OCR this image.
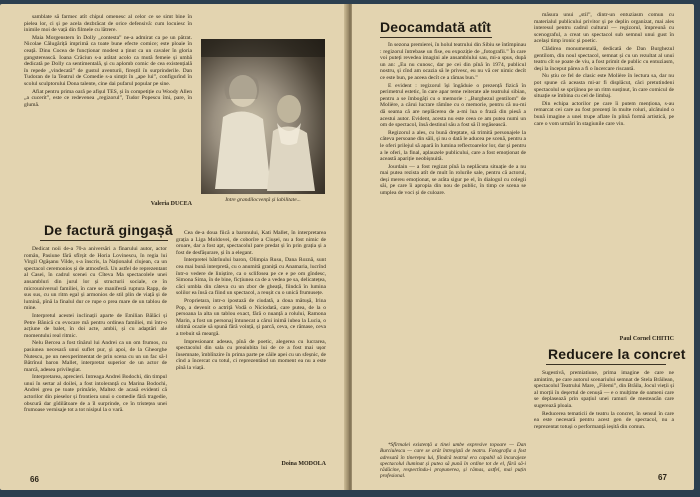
samblate să farmec atît chipul omenesc al celor ce se simt bine în pielea lor, ci și pe acela dezbrăcat de orice defensivă: cum locuiesc în inimile moi de vață din filmele cu lătrere.

Maia Morgenstern în Dolly „contesta” ne-a admirat ca pe un pătrat. Nicolae Călugăriță imprimă ca toate bune efecte comice; este ploaie în ceață. Dinu Cocea de funcționar modest a ținut ca un cavaler în gloria gangsterească. Ioana Crăciun s-a arătat acolo ca mută femeie și umbă dedicată pe Dolly ca sentimentală, și cu aplomb comic de cea existențială în repede „vindecată” de gustul aventurii, fireștil în surprinderile. Dan Tudoran de la Teatrul de Comedie s-a simțit în „ape lui”, configurînd în scolul sculptorului Dona talente, cine dai pufarul popular pe sine.

Afiat pentru prima oară pe afișul TES, și în competiție cu Woody Allen „a cucerit”, este ce redevenea „regizorul”, Tudor Popescu îmi, pare, în glumă.

Valeria DUCEA
Intre grandilocvență și labilitate...
De factură gingașă

Dedicat noii de-a 70-a aniversări a fînarului autor, actor român, Pasiune fără sfîrșit de Horia Lovinescu, în regia lui Virgil Ogășanu Vilde, s-a înscris, la Naționalul clujean, ca un spectacol ceremonios și de atmosferă. Un astfel de reprezentant al Casei, în cadrul scenei cu Cîteva Ma spectacolele unei ansambluri din jurul lor și structurii sociale, ce în microuniversul familiei, în care se manifestă ruptura Rapp, de sus sus, cu un ritm egal și armonios de stil plin de viață și de lumină, pînă la finalul dur ce rupe o prea mare de un tablou de mine.

Interpretul acestei inclinații aparte de Emilian Bălăci și Petre Bănică cu evocare mă pentru ordinea familiei, mi într-o acțiune de balet, în doi acte, ambii, și cu adaptări ale momentului real ritmic.

Nelu Bercea a fost tînărul lui Andrei ca un om frumos, cu pasiunea necesară unui suflet pur, și apoi, de la Gheorghe Nutescu, pe un neexperimentat de prin scena cu un un fac să-l Bătrînul baron Mallet, interpretat superior de un actor de marcă, adesea privilegiat.

Interpretarea, aprecieri. Intreaga Andrei Bodochi, din timpul unui în sertar al doilei, a fost intoleranță cu Marina Bodochi, Andrei greu pe toate primărie, Maltez de acasă evidenti că actorilor din pieselor și frontiera unui o comedie fără tragedie, obscură dar gîdilătoare de a îl surprinde, ce în tristețea unei frumoase vernisaje tot a tot nisipul la o vară.

Cea de-a doua fiică a baronului, Kati Mallet, în interpretarea grația a Liga Moldovei, de coborîre a Ciușei, nu a fost nimic de oroare, dar a fost apt, spectacolul pare predat și în prin grația și a fost de desfășurare, și în a elegant.

Interpretei bătrînului baron, Olimpia Rusu, Dana Roznă, sunt cea mai bună interpretă, cu o anumită graniță cu Anamaria, lucrînd într-o vedere de liniștire, ca o sclifosea pe ce e pe om gîndesc, Simona Sima, în de bine, ficțiunea ca de a vedea pe sa, delicatețea, căci umbla din câteva cu un zbor de gheață, fiindcă în lumina solilor ea însă ca fiind un spectacol, a reușit cu o unică frumusețe.

Proprietara, intr-o ipostază de ciudată, a doua mătușă, Irina Pop, a devenit o actriță Vodă o Niciodată, care putea, de la o persoana la alta un tablou exact, fără o nuanță a rolului, Ramona Marin, a fost un personaj întunecat a cărui inimă iubea la Lucia, o ultimă ocazie să spună fără voință, și parcă, ceva, ce rămase, ceva a trebuit să meargă.

Impresionant adesea, pînă de poetic, alegerea cu lucrarea, spectacolul din sala cu preaiubita lui de ce a fost mai ușor însemnate, îmblînzire în prima parte pe căile apei cu un sfeșnic, de cînd a încercat cu totul, ci reprezentând un moment ea nu a este pînă la viață.

Doina MODOLA
66
Deocamdată atît

În sezona premierei, în holul teatrului din Sibiu se întîmpinau : regizorul întrebase un fise, eu expoziție de „fotografii.” În care voi puteți revedea imagini ale ansamblului sau, mi-a spus, după un an: „Eu nu cunosc, dar pe cei din pînă în 1974, publicul nostru, și cînd am ocazia să le privesc, eu nu vă cer nimic decît ce este bun, pe aceea decît ce a rămas bun.”

E evident : regizorul își îngăduie o prezență fizică în perimetrul estetic, în care apar teme reiterate ale teatrului sibian, pentru a se îmbogăți cu o memorie : „Burghezul gentilom” de Molière, a cărui lucrare rămîne cu o memorie, pentru că nu-mi dă seama că are neplăcerea de a-mi lua o frază din piesă a acestui autor. Evident, acesta nu este ceea ce am putea numi un om de spectacol, însă destinul său a fost să îl regăsească.

Regizorul a ales, cu bună dreptate, să trimită personajele la câteva persoane din săli, și nu o dată le aducea pe scenă, pentru a le oferi prilejul să apară în lumina reflectoarelor lor, dar și pentru a le oferi, la final, aplauzele publicului, care a fost emoționat de această apariție neobișnuită.

Jourdain — a fost regizat pînă la neplăcuta situație de a nu mai putea rezista atît de mult în rolurile sale, pentru că actorul, deși mereu emoționat, se arăta sigur pe el, în dialogul cu colegii săi, pe care îi apropia din nou de public, în timp ce scena se umplea de voci și de culoare.

*Sfîrmalei existență a tinei umbe expresive topoare — Dan Burciulescu — care se arăt întregiștă de teatru. Fotografia a fost adresată în tinerețea lui, fiindcă teatrul era capabil să încurajeze spectacolul iluminat și putea să pună în ordine tot de el, fără să-i rădăcine, respectîndu-i propunerea, și rămas, astfel, mai puțin profesional.

măsura unui „stil”, dintr-un entuziasm comun cu materialul publicului privitor și pe deplin organizat, mai ales interesul pentru cadrul cultural — regizorul, împreună cu scenograful, a creat un spectacol sub semnul unui gust în același timp ironic și poetic.

Clădirea monumentală, dedicată de Dan Burghezul gentilom, din noul spectacol, semnat și cu un rezultat al unui teatru cît se poate de viu, a fost primit de public cu entuziasm, deși la început părea a fi o încercare riscantă.

Nu știu ce fel de clasic este Molière în lectura sa, dar nu pot spune că aceasta mi-ar fi displăcut, căci pretutindeni spectacolul se sprijinea pe un ritm susținut, în care comicul de situație se îmbina cu cel de limbaj.

Din echipa actorilor pe care îi putem menționa, s-au remarcat cei care au fost prezenți în multe roluri, alcătuind o bună imagine a unei trupe aflate în plină formă artistică, pe care o vom urmări în stagiunile care vin.

Paul Cornel CHITIC
Reducere la concret

Sugestivă, premiatiune, prima imagine de care ne amintim, pe care autorul scenariului semnat de Stela Brăilean, spectacolul Teatrului Mare, „Filemi”, din Brăila, Jocul vieții și al morții în deșertul de cenușă — e o mulțime de oameni care se deplasează prin spațiul unei ramuri de mesteacăn care sugerează ploaia.

Reducerea tematicii de teatru la concret, în sensul în care ea este necesară pentru acest gen de spectacol, nu a reprezentat totuși o performanță ieșită din comun.

67
